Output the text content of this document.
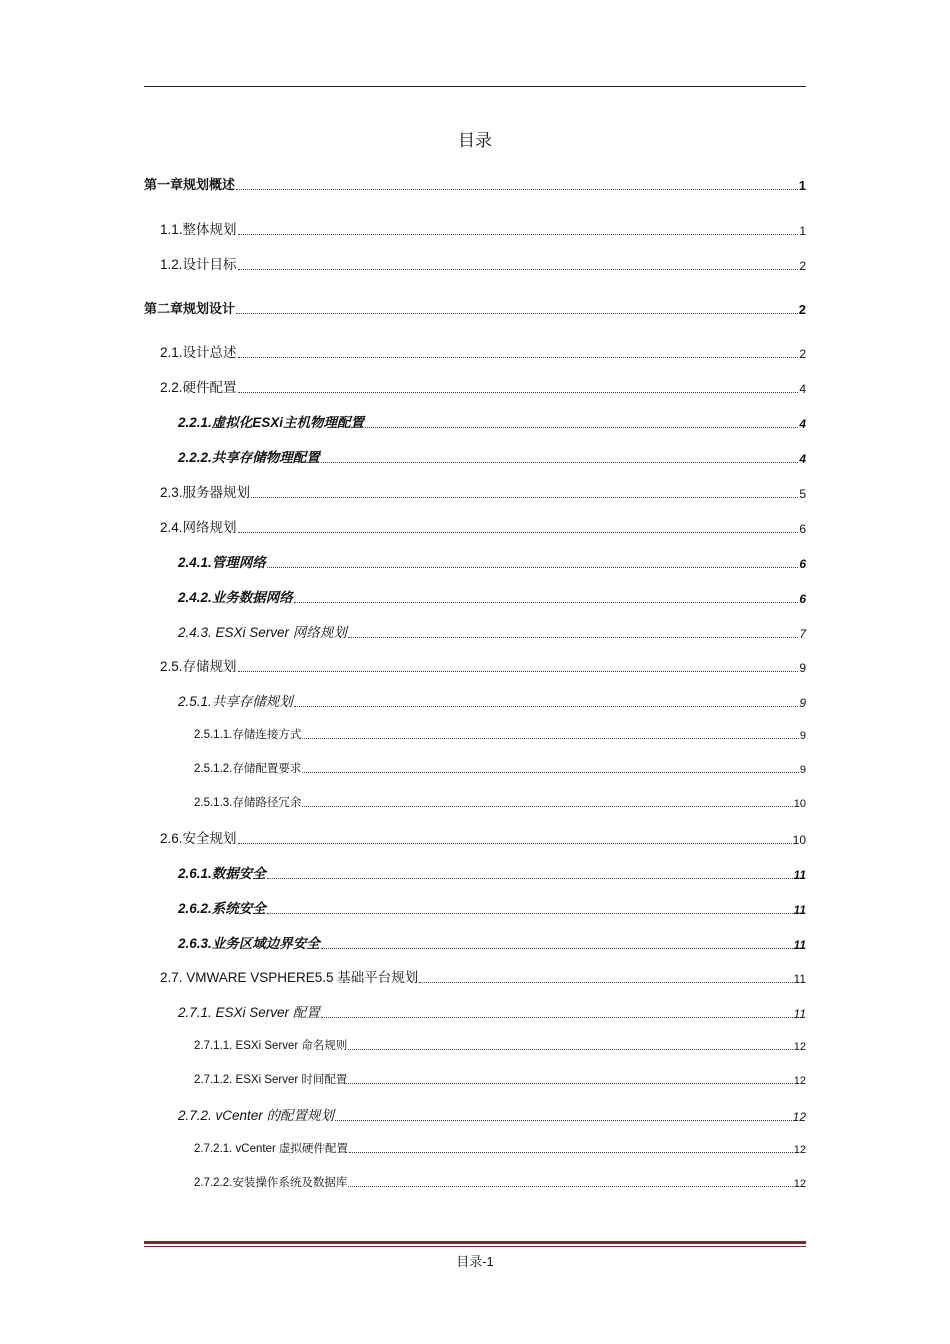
目录
第一章规划概述	1
1.1.整体规划	1
1.2.设计目标	2
第二章规划设计	2
2.1.设计总述	2
2.2.硬件配置	4
2.2.1.虚拟化ESXi主机物理配置	4
2.2.2.共享存储物理配置	4
2.3.服务器规划	5
2.4.网络规划	6
2.4.1.管理网络	6
2.4.2.业务数据网络	6
2.4.3. ESXi Server 网络规划	7
2.5.存储规划	9
2.5.1.共享存储规划	9
2.5.1.1.存储连接方式	9
2.5.1.2.存储配置要求	9
2.5.1.3.存储路径冗余	10
2.6.安全规划	10
2.6.1.数据安全	11
2.6.2.系统安全	11
2.6.3.业务区域边界安全	11
2.7. VMWARE VSPHERE5.5 基础平台规划	11
2.7.1. ESXi Server 配置	11
2.7.1.1. ESXi Server 命名规则	12
2.7.1.2. ESXi Server 时间配置	12
2.7.2. vCenter 的配置规划	12
2.7.2.1. vCenter 虚拟硬件配置	12
2.7.2.2.安装操作系统及数据库	12
目录-1
